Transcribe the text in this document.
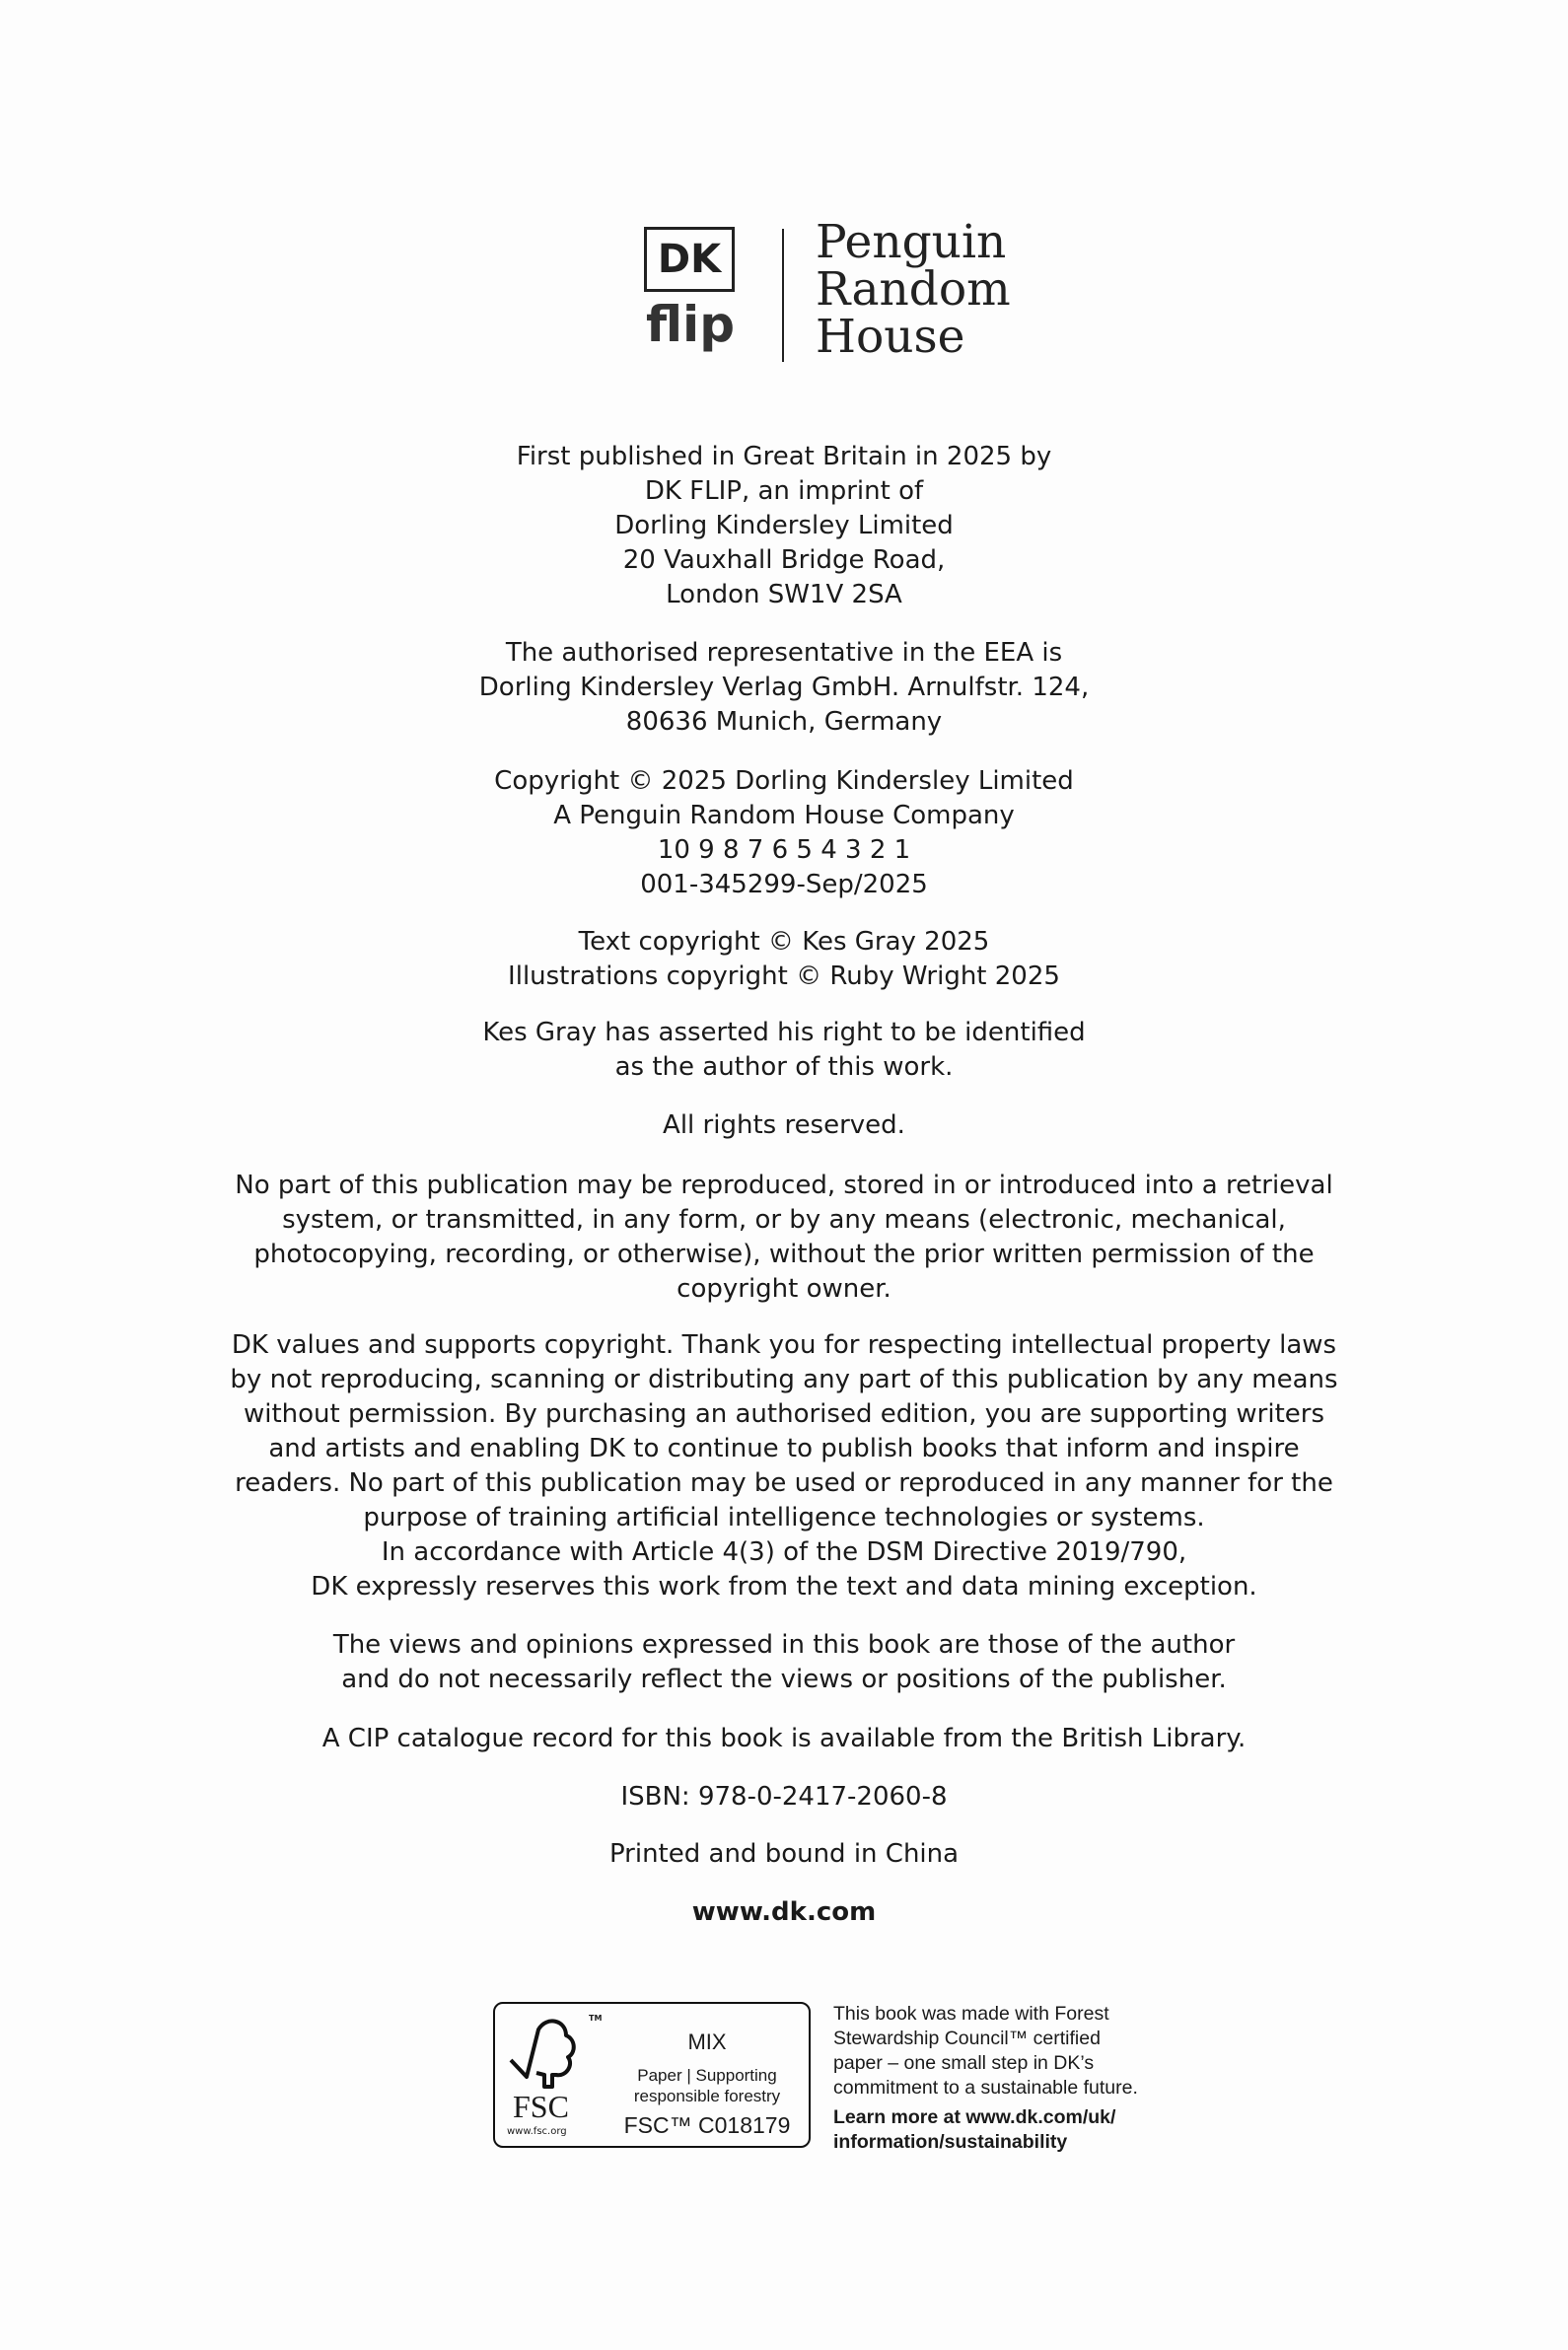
DK
flip
Penguin
Random
House
First published in Great Britain in 2025 by
DK FLIP, an imprint of
Dorling Kindersley Limited
20 Vauxhall Bridge Road,
London SW1V 2SA
The authorised representative in the EEA is
Dorling Kindersley Verlag GmbH. Arnulfstr. 124,
80636 Munich, Germany
Copyright © 2025 Dorling Kindersley Limited
A Penguin Random House Company
10 9 8 7 6 5 4 3 2 1
001-345299-Sep/2025
Text copyright © Kes Gray 2025
Illustrations copyright © Ruby Wright 2025
Kes Gray has asserted his right to be identified
as the author of this work.
All rights reserved.
No part of this publication may be reproduced, stored in or introduced into a retrieval
system, or transmitted, in any form, or by any means (electronic, mechanical,
photocopying, recording, or otherwise), without the prior written permission of the
copyright owner.
DK values and supports copyright. Thank you for respecting intellectual property laws
by not reproducing, scanning or distributing any part of this publication by any means
without permission. By purchasing an authorised edition, you are supporting writers
and artists and enabling DK to continue to publish books that inform and inspire
readers. No part of this publication may be used or reproduced in any manner for the
purpose of training artificial intelligence technologies or systems.
In accordance with Article 4(3) of the DSM Directive 2019/790,
DK expressly reserves this work from the text and data mining exception.
The views and opinions expressed in this book are those of the author
and do not necessarily reflect the views or positions of the publisher.
A CIP catalogue record for this book is available from the British Library.
ISBN: 978-0-2417-2060-8
Printed and bound in China
www.dk.com
TM
FSC
www.fsc.org
MIX
Paper | Supporting
responsible forestry
FSC™ C018179
This book was made with Forest
Stewardship Council™ certified
paper – one small step in DK’s
commitment to a sustainable future.
Learn more at www.dk.com/uk/
information/sustainability
